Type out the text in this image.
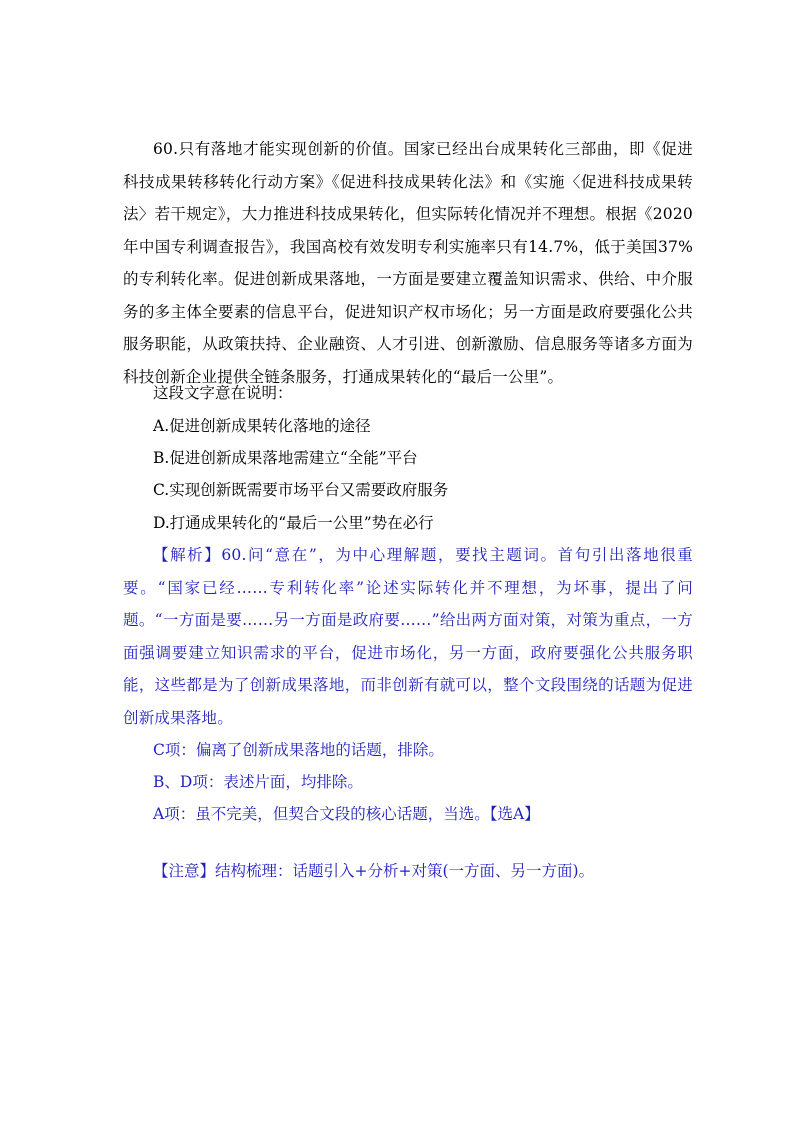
60.只有落地才能实现创新的价值。国家已经出台成果转化三部曲，即《促进科技成果转移转化行动方案》《促进科技成果转化法》和《实施〈促进科技成果转法〉若干规定》，大力推进科技成果转化，但实际转化情况并不理想。根据《2020年中国专利调查报告》，我国高校有效发明专利实施率只有14.7%，低于美国37%的专利转化率。促进创新成果落地，一方面是要建立覆盖知识需求、供给、中介服务的多主体全要素的信息平台，促进知识产权市场化；另一方面是政府要强化公共服务职能，从政策扶持、企业融资、人才引进、创新激励、信息服务等诸多方面为科技创新企业提供全链条服务，打通成果转化的“最后一公里”。
这段文字意在说明：
A.促进创新成果转化落地的途径
B.促进创新成果落地需建立“全能”平台
C.实现创新既需要市场平台又需要政府服务
D.打通成果转化的“最后一公里”势在必行
【解析】60.问“意在”，为中心理解题，要找主题词。首句引出落地很重要。“国家已经……专利转化率”论述实际转化并不理想，为坏事，提出了问题。“一方面是要……另一方面是政府要……”给出两方面对策，对策为重点，一方面强调要建立知识需求的平台，促进市场化，另一方面，政府要强化公共服务职能，这些都是为了创新成果落地，而非创新有就可以，整个文段围绕的话题为促进创新成果落地。
C项：偏离了创新成果落地的话题，排除。
B、D项：表述片面，均排除。
A项：虽不完美，但契合文段的核心话题，当选。【选A】
【注意】结构梳理：话题引入+分析+对策(一方面、另一方面)。
